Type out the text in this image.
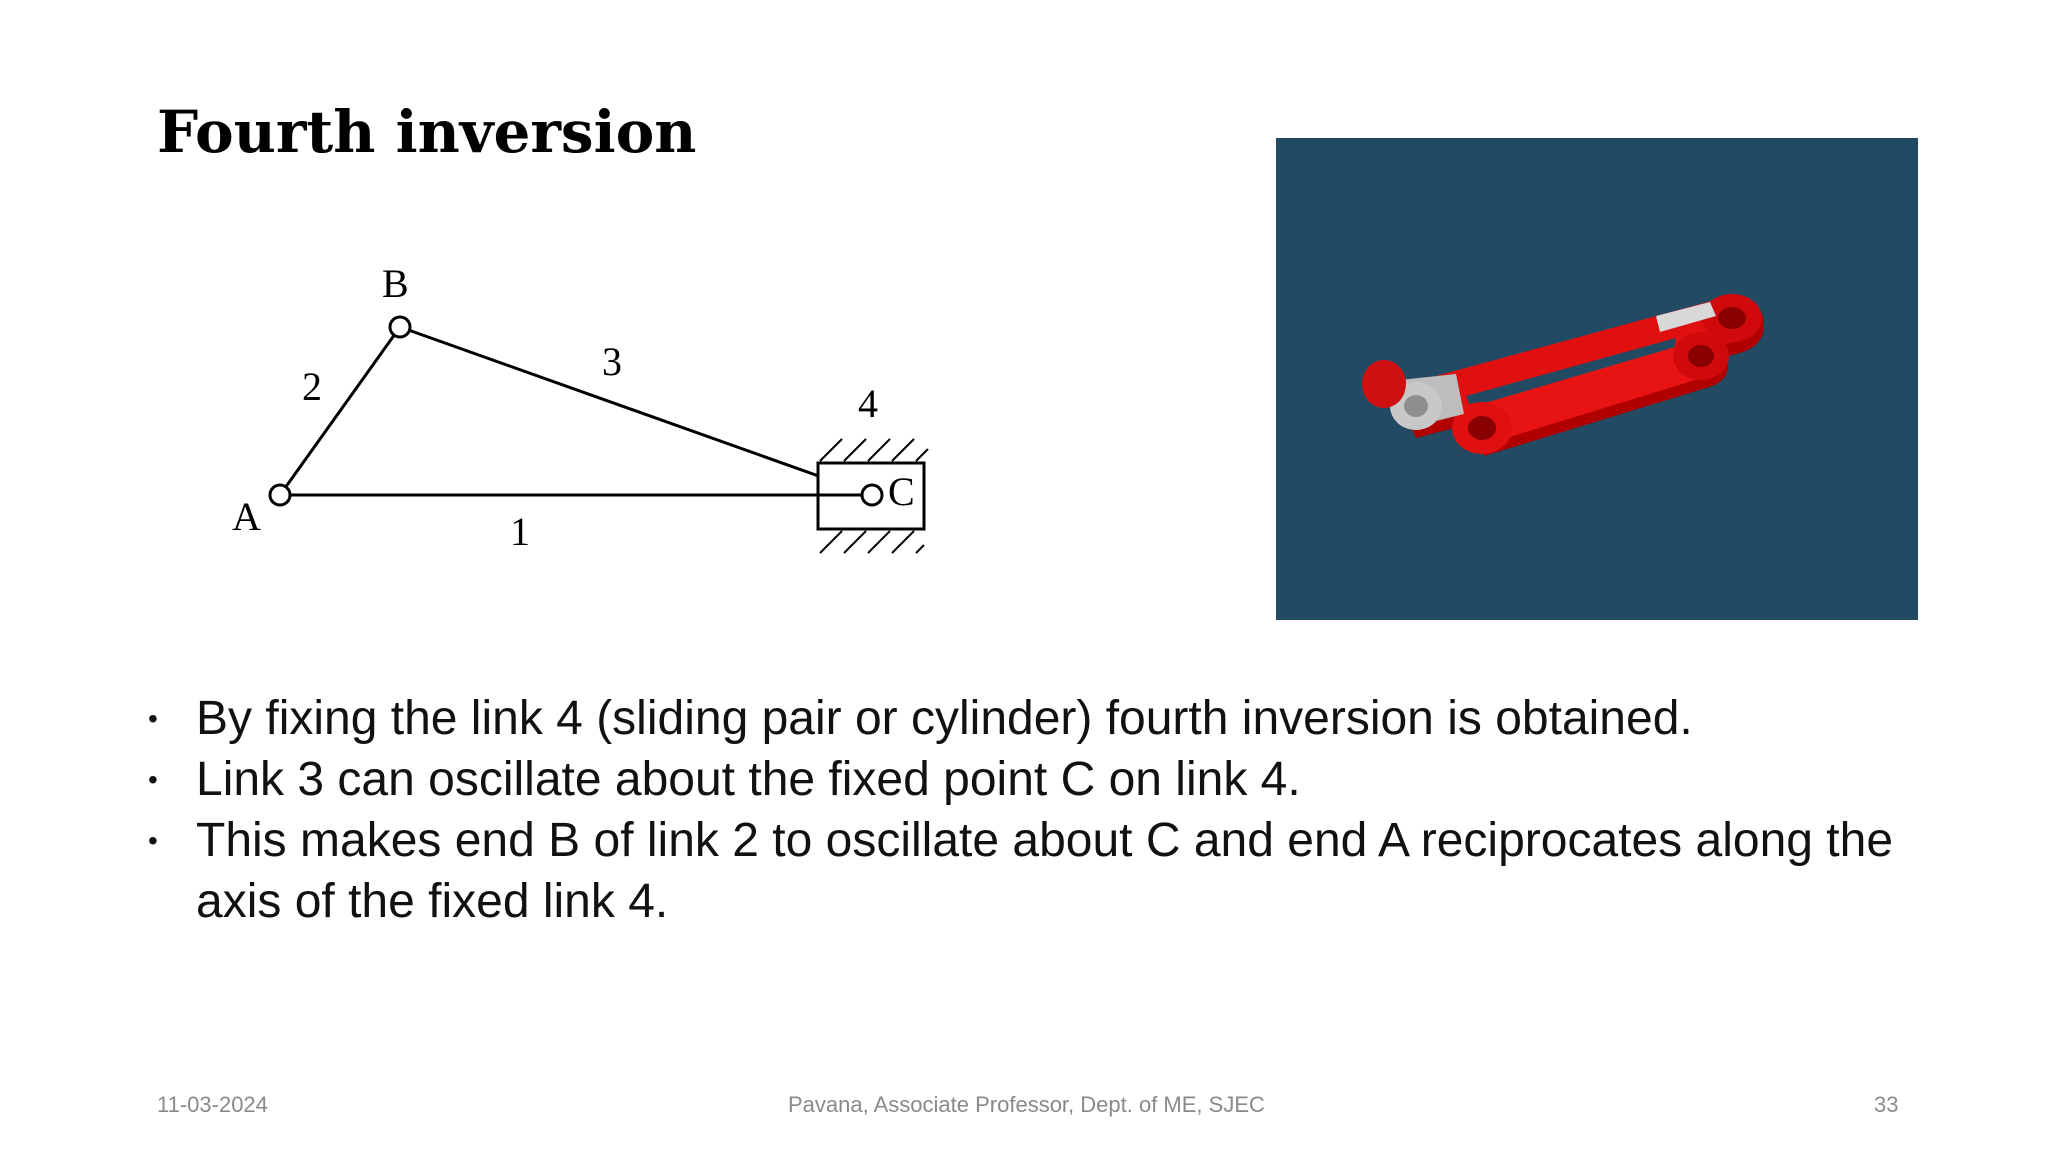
Fourth inversion
A
B
C
1
2
3
4
• By fixing the link 4 (sliding pair or cylinder) fourth inversion is obtained.
• Link 3 can oscillate about the fixed point C on link 4.
• This makes end B of link 2 to oscillate about C and end A reciprocates along the axis of the fixed link 4.
11-03-2024	Pavana, Associate Professor, Dept. of ME, SJEC	33
